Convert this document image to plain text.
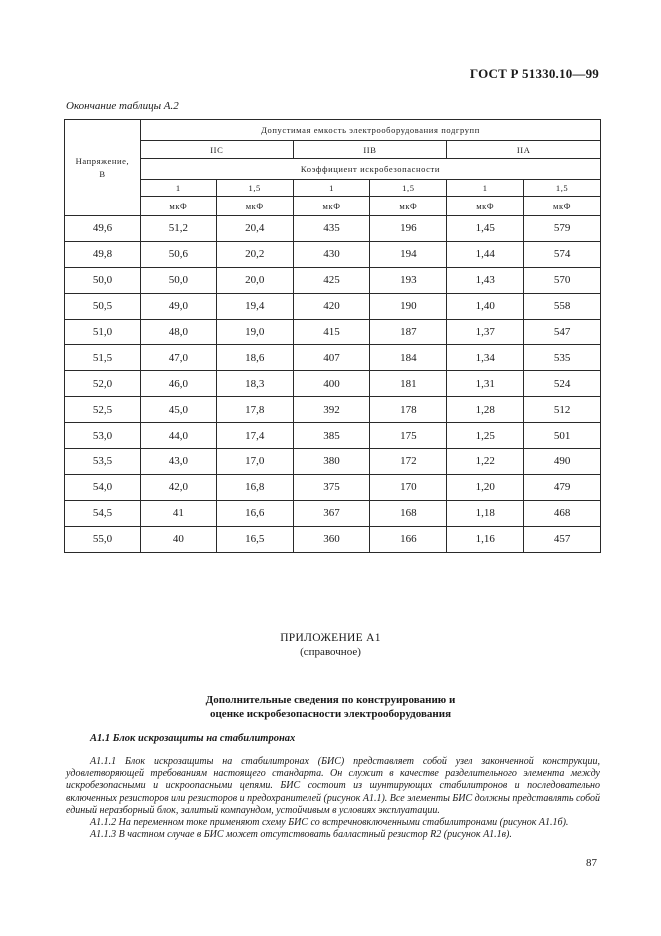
ГОСТ Р 51330.10—99
Окончание таблицы А.2
Напряжение,
В	Допустимая емкость электрооборудования подгрупп					
	IIC		IIB		IIA	
	Коэффициент искробезопасности					
	1	1,5	1	1,5	1	1,5
	мкФ	мкФ	мкФ	мкФ	мкФ	мкФ
49,6	51,2	20,4	435	196	1,45	579
49,8	50,6	20,2	430	194	1,44	574
50,0	50,0	20,0	425	193	1,43	570
50,5	49,0	19,4	420	190	1,40	558
51,0	48,0	19,0	415	187	1,37	547
51,5	47,0	18,6	407	184	1,34	535
52,0	46,0	18,3	400	181	1,31	524
52,5	45,0	17,8	392	178	1,28	512
53,0	44,0	17,4	385	175	1,25	501
53,5	43,0	17,0	380	172	1,22	490
54,0	42,0	16,8	375	170	1,20	479
54,5	41	16,6	367	168	1,18	468
55,0	40	16,5	360	166	1,16	457
ПРИЛОЖЕНИЕ А1
(справочное)
Дополнительные сведения по конструированию и
оценке искробезопасности электрооборудования
А1.1 Блок искрозащиты на стабилитронах

А1.1.1 Блок искрозащиты на стабилитронах (БИС) представляет собой узел законченной конструкции, удовлетворяющей требованиям настоящего стандарта. Он служит в качестве разделительного элемента между искробезопасными и искроопасными цепями. БИС состоит из шунтирующих стабилитронов и последовательно включенных резисторов или резисторов и предохранителей (рисунок А1.1). Все элементы БИС должны представлять собой единый неразборный блок, залитый компаундом, устойчивым в условиях эксплуатации.

А1.1.2 На переменном токе применяют схему БИС со встречновключенными стабилитронами (рисунок А1.1б).

А1.1.3 В частном случае в БИС может отсутствовать балластный резистор R2 (рисунок А1.1в).

87
